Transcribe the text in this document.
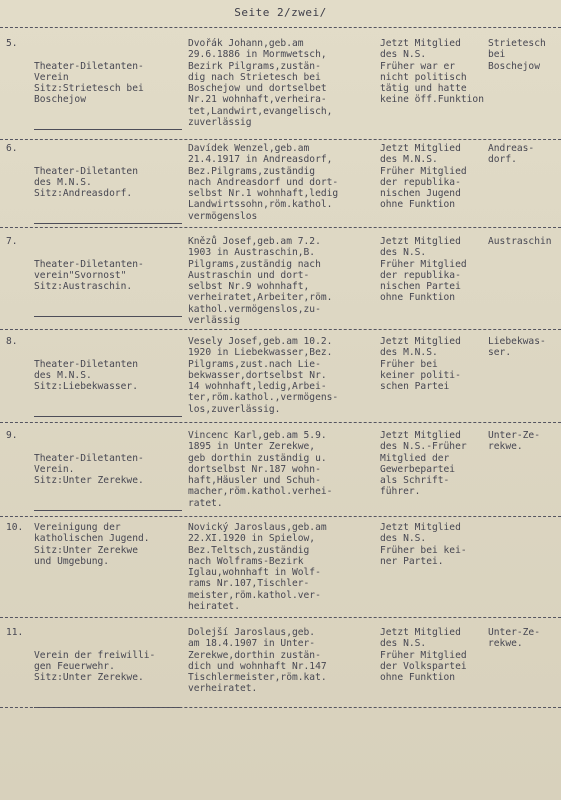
Seite 2/zwei/
5.

Theater-Diletanten-
Verein
Sitz:Strietesch bei
Boschejow

Dvořák Johann,geb.am
29.6.1886 in Mormwetsch,
Bezirk Pilgrams,zustän-
dig nach Strietesch bei
Boschejow und dortselbet
Nr.21 wohnhaft,verheira-
tet,Landwirt,evangelisch,
zuverlässig
Jetzt Mitglied
des N.S.
Früher war er
nicht politisch
tätig und hatte
keine öff.Funktion
Strietesch
bei
Boschejow
6.

Theater-Diletanten
des M.N.S.
Sitz:Andreasdorf.

Davídek Wenzel,geb.am
21.4.1917 in Andreasdorf,
Bez.Pilgrams,zuständig
nach Andreasdorf und dort-
selbst Nr.1 wohnhaft,ledig
Landwirtssohn,röm.kathol.
vermögenslos
Jetzt Mitglied
des M.N.S.
Früher Mitglied
der republika-
nischen Jugend
ohne Funktion
Andreas-
dorf.
7.

Theater-Diletanten-
verein"Svornost"
Sitz:Austraschin.

Knězů Josef,geb.am 7.2.
1903 in Austraschin,B.
Pilgrams,zuständig nach
Austraschin und dort-
selbst Nr.9 wohnhaft,
verheiratet,Arbeiter,röm.
kathol.vermögenslos,zu-
verlässig
Jetzt Mitglied
des N.S.
Früher Mitglied
der republika-
nischen Partei
ohne Funktion
Austraschin
8.

Theater-Diletanten
des M.N.S.
Sitz:Liebekwasser.

Vesely Josef,geb.am 10.2.
1920 in Liebekwasser,Bez.
Pilgrams,zust.nach Lie-
bekwasser,dortselbst Nr.
14 wohnhaft,ledig,Arbei-
ter,röm.kathol.,vermögens-
los,zuverlässig.
Jetzt Mitglied
des M.N.S.
Früher bei
keiner politi-
schen Partei
Liebekwas-
ser.
9.

Theater-Diletanten-
Verein.
Sitz:Unter Zerekwe.

Vincenc Karl,geb.am 5.9.
1895 in Unter Zerekwe,
geb dorthin zuständig u.
dortselbst Nr.187 wohn-
haft,Häusler und Schuh-
macher,röm.kathol.verhei-
ratet.
Jetzt Mitglied
des N.S.-Früher
Mitglied der
Gewerbepartei
als Schrift-
führer.
Unter-Ze-
rekwe.
10. Vereinigung der
katholischen Jugend.
Sitz:Unter Zerekwe
und Umgebung.
Novický Jaroslaus,geb.am
22.XI.1920 in Spielow,
Bez.Teltsch,zuständig
nach Wolframs-Bezirk
Iglau,wohnhaft in Wolf-
rams Nr.107,Tischler-
meister,röm.kathol.ver-
heiratet.
Jetzt Mitglied
des N.S.
Früher bei kei-
ner Partei.
11.

Verein der freiwilli-
gen Feuerwehr.
Sitz:Unter Zerekwe.

Dolejší Jaroslaus,geb.
am 18.4.1907 in Unter-
Zerekwe,dorthin zustän-
dich und wohnhaft Nr.147
Tischlermeister,röm.kat.
verheiratet.
Jetzt Mitglied
des N.S.
Früher Mitglied
der Volkspartei
ohne Funktion
Unter-Ze-
rekwe.
